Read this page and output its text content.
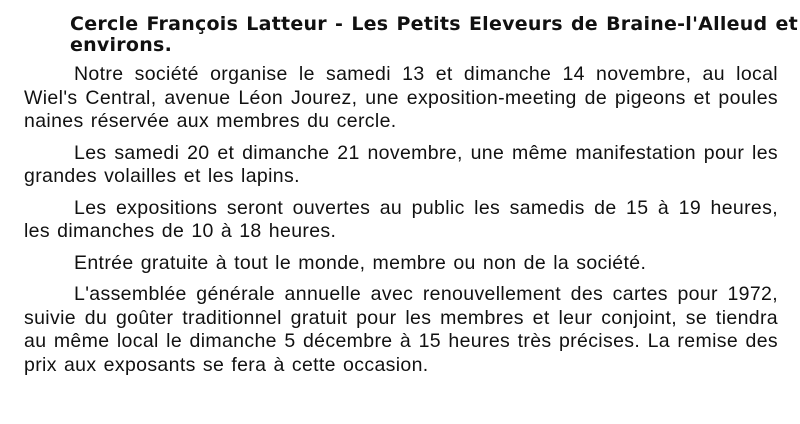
Cercle François Latteur - Les Petits Eleveurs de Braine-l'Alleud et environs.

Notre société organise le samedi 13 et dimanche 14 novembre, au local Wiel's Central, avenue Léon Jourez, une exposition-meeting de pigeons et poules naines réservée aux membres du cercle.

Les samedi 20 et dimanche 21 novembre, une même manifestation pour les grandes volailles et les lapins.

Les expositions seront ouvertes au public les samedis de 15 à 19 heures, les dimanches de 10 à 18 heures.

Entrée gratuite à tout le monde, membre ou non de la société.

L'assemblée générale annuelle avec renouvellement des cartes pour 1972, suivie du goûter traditionnel gratuit pour les membres et leur conjoint, se tiendra au même local le dimanche 5 décembre à 15 heures très précises. La remise des prix aux exposants se fera à cette occasion.
